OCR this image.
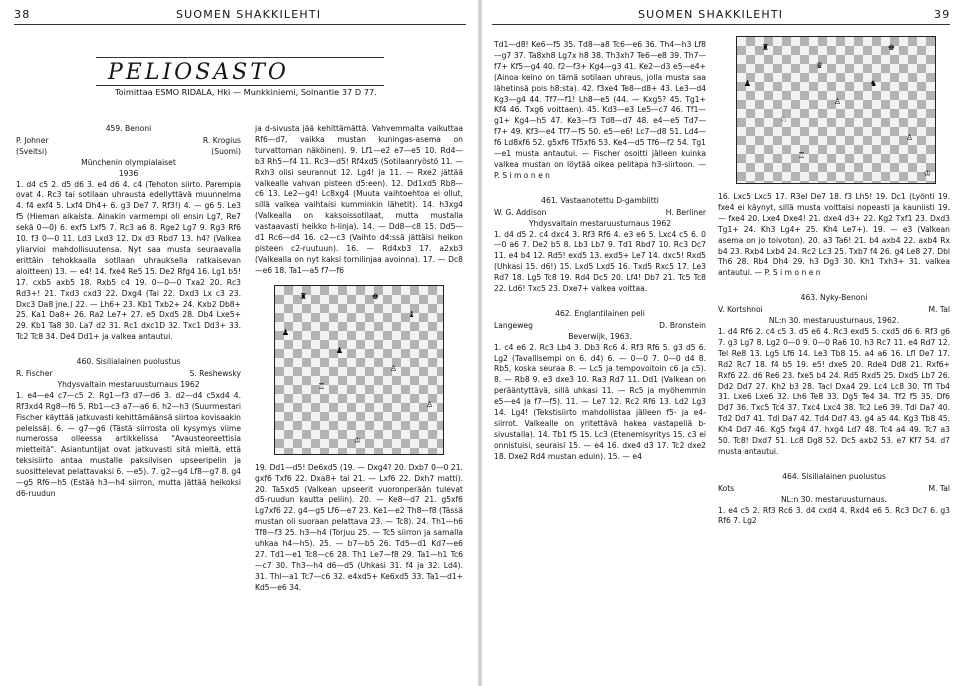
38	SUOMEN SHAKKILEHTI
PELIOSASTO
Toimittaa ESMO RIDALA, Hki — Munkkiniemi, Solnantie 37 D 77.

459. Benoni

P. Johner	R. Krogius
(Sveitsi)	(Suomi)

Münchenin olympialaiset

1936

1. d4 c5 2. d5 d6 3. e4 d6 4. c4 (Tehoton siirto. Parempia ovat 4. Rc3 tai sotilaan uhrausta edellyttävä muunnelma 4. f4 exf4 5. Lxf4 Dh4+ 6. g3 De7 7. Rf3!) 4. — g6 5. Le3 f5 (Hieman aikaista. Ainakin varmempi oli ensin Lg7, Re7 sekä 0—0) 6. exf5 Lxf5 7. Rc3 a6 8. Rge2 Lg7 9. Rg3 Rf6 10. f3 0—0 11. Ld3 Lxd3 12. Dx d3 Rbd7 13. h4? (Valkea yliarvioi mahdollisuutensa. Nyt saa musta seuraavalla erittäin tehokkaalla sotilaan uhrauksella ratkaisevan aloitteen) 13. — e4! 14. fxe4 Re5 15. De2 Rfg4 16. Lg1 b5! 17. cxb5 axb5 18. Rxb5 c4 19. 0—0—0 Txa2 20. Rc3 Rd3+! 21. Txd3 cxd3 22. Dxg4 (Tai 22. Dxd3 Lx c3 23. Dxc3 Da8 jne.) 22. — Lh6+ 23. Kb1 Txb2+ 24. Kxb2 Db8+ 25. Ka1 Da8+ 26. Ra2 Le7+ 27. e5 Dxd5 28. Db4 Lxe5+ 29. Kb1 Ta8 30. La7 d2 31. Rc1 dxc1D 32. Txc1 Dd3+ 33. Tc2 Tc8 34. De4 Dd1+ ja valkea antautui.

460. Sisilialainen puolustus

R. Fischer	S. Reshewsky

Yhdysvaltain mestaruusturnaus 1962

1. e4—e4 c7—c5 2. Rg1—f3 d7—d6 3. d2—d4 c5xd4 4. Rf3xd4 Rg8—f6 5. Rb1—c3 a7—a6 6. h2—h3 (Suurmestari Fischer käyttää jatkuvasti kehittämäänsä siirtoa kovisaakin peleissä). 6. — g7—g6 (Tästä siirrosta oli kysymys viime numerossa olleessa artikkelissa "Avausteoreettisia mietteitä". Asiantuntijat ovat jatkuvasti sitä mieltä, että teksisiirto antaa mustalle paksilvisen upseeripelin ja suosittelevat pelattavaksi 6. —e5). 7. g2—g4 Lf8—g7 8. g4—g5 Rf6—h5 (Estää h3—h4 siirron, mutta jättää heikoksi d6-ruudun

ja d-sivusta jää kehittämättä. Vahvemmalta vaikuttaa Rf6—d7, vaikka mustan kuningas-asema on turvattoman näköinen). 9. Lf1—e2 e7—e5 10. Rd4—b3 Rh5—f4 11. Rc3—d5! Rf4xd5 (Sotilaanryöstö 11. — Rxh3 olisi seurannut 12. Lg4! ja 11. — Rxe2 jättää valkealle vahvan pisteen d5:een). 12. Dd1xd5 Rb8—c6 13. Le2—g4! Lc8xg4 (Muuta vaihtoehtoa ei ollut, sillä valkea vaihtaisi kumminkin lähetit). 14. h3xg4 (Valkealla on kaksoissotilaat, mutta mustalla vastaavasti heikko h-linja). 14. — Dd8—c8 15. Dd5—d1 Rc6—d4 16. c2—c3 (Vaihto d4:ssä jättäisi heikon pisteen c2-ruutuun). 16. — Rd4xb3 17. a2xb3 (Valkealla on nyt kaksi tornilinjaa avoinna). 17. — Dc8—e6 18. Ta1—a5 f7—f6

♜	♚
♝
♟
♟
♙
♖
♙
♔

19. Dd1—d5! De6xd5 (19. — Dxg4? 20. Dxb7 0—0 21. gxf6 Txf6 22. Dxa8+ tai 21. — Lxf6 22. Dxh7 matti). 20. Ta5xd5 (Valkean upseerit vuoronperään tulevat d5-ruudun kautta peliin). 20. — Ke8—d7 21. g5xf6 Lg7xf6 22. g4—g5 Lf6—e7 23. Ke1—e2 Th8—f8 (Tässä mustan oli suoraan pelattava 23. — Tc8). 24. Th1—h6 Tf8—f3 25. h3—h4 (Torjuu 25. — Tc5 siirron ja samalla uhkaa h4—h5). 25. — b7—b5 26. Td5—d1 Kd7—e6 27. Td1—e1 Tc8—c6 28. Th1 Le7—f8 29. Ta1—h1 Tc6—c7 30. Th3—h4 d6—d5 (Uhkasi 31. f4 ja 32. Ld4). 31. Thl—a1 Tc7—c6 32. e4xd5+ Ke6xd5 33. Ta1—d1+ Kd5—e6 34.

SUOMEN SHAKKILEHTI	39

Td1—d8! Ke6—f5 35. Td8—a8 Tc6—e6 36. Th4—h3 Lf8—g7 37. Ta8xh8 Lg7x h8 38. Th3xh7 Te6—e8 39. Th7—f7+ Kf5—g4 40. f2—f3+ Kg4—g3 41. Ke2—d3 e5—e4+ (Ainoa keino on tämä sotilaan uhraus, jolla musta saa lähetinsä pois h8:sta). 42. f3xe4 Te8—d8+ 43. Le3—d4 Kg3—g4 44. Tf7—f1! Lh8—e5 (44. — Kxg5? 45. Tg1+ Kf4 46. Txg6 voittaen). 45. Kd3—e3 Le5—c7 46. Tf1—g1+ Kg4—h5 47. Ke3—f3 Td8—d7 48. e4—e5 Td7—f7+ 49. Kf3—e4 Tf7—f5 50. e5—e6! Lc7—d8 51. Ld4—f6 Ld8xf6 52. g5xf6 Tf5xf6 53. Ke4—d5 Tf6—f2 54. Tg1—e1 musta antautui. — Fischer osoitti jälleen kuinka valkea mustan on löytää oikea pelitapa h3-siirtoon. — P. S i m o n e n

461. Vastaanotettu D-gambiitti

W. G. Addison	H. Berliner

Yhdysvaltain mestaruusturnaus 1962

1. d4 d5 2. c4 dxc4 3. Rf3 Rf6 4. e3 e6 5. Lxc4 c5 6. 0—0 a6 7. De2 b5 8. Lb3 Lb7 9. Td1 Rbd7 10. Rc3 Dc7 11. e4 b4 12. Rd5! exd5 13. exd5+ Le7 14. dxc5! Rxd5 (Uhkasi 15. d6!) 15. Lxd5 Lxd5 16. Txd5 Rxc5 17. Le3 Rd7 18. Lg5 Tc8 19. Rd4 Dc5 20. Lf4! Db7 21. Tc5 Tc8 22. Ld6! Txc5 23. Dxe7+ valkea voittaa.

462. Englantilainen peli

Langeweg	D. Bronstein

Beverwijk, 1963.

1. c4 e6 2. Rc3 Lb4 3. Db3 Rc6 4. Rf3 Rf6 5. g3 d5 6. Lg2 (Tavallisempi on 6. d4) 6. — 0—0 7. 0—0 d4 8. Rb5, koska seuraa 8. — Lc5 ja tempovoitoin c6 ja c5). 8. — Rb8 9. e3 dxe3 10. Ra3 Rd7 11. Dd1 (Valkean on perääntyttävä, sillä uhkasi 11. — Rc5 ja myöhemmin e5—e4 ja f7—f5). 11. — Le7 12. Rc2 Rf6 13. Ld2 Lg3 14. Lg4! (Tekstisiirto mahdollistaa jälleen f5- ja e4-siirrot. Valkealle on yritettävä hakea vastapeliä b-sivustalla). 14. Tb1 f5 15. Lc3 (Etenemisyritys 15. c3 ei onnistuisi, seuraisi 15. — e4 16. dxe4 d3 17. Tc2 dxe2 18. Dxe2 Rd4 mustan eduin). 15. — e4

♜	♚
♛
♟	♞
♙
♘
♙
♖
♔

16. Lxc5 Lxc5 17. R3el De7 18. f3 Lh5! 19. Dc1 (Lyönti 19. fxe4 ei käynyt, sillä musta voittaisi nopeasti ja kauniisti 19. — fxe4 20. Lxe4 Dxe4! 21. dxe4 d3+ 22. Kg2 Txf1 23. Dxd3 Tg1+ 24. Kh3 Lg4+ 25. Kh4 Le7+). 19. — e3 (Valkean asema on jo toivoton). 20. a3 Ta6! 21. b4 axb4 22. axb4 Rx b4 23. Rxb4 Lxb4 24. Rc2 Lc3 25. Txb7 f4 26. g4 Le8 27. Dbl Th6 28. Rb4 Dh4 29. h3 Dg3 30. Kh1 Txh3+ 31. valkea antautui. — P. S i m o n e n

463. Nyky-Benoni

V. Kortshnoi	M. Tal

NL:n 30. mestaruusturnaus, 1962.

1. d4 Rf6 2. c4 c5 3. d5 e6 4. Rc3 exd5 5. cxd5 d6 6. Rf3 g6 7. g3 Lg7 8. Lg2 0—0 9. 0—0 Ra6 10. h3 Rc7 11. e4 Rd7 12. Tel Re8 13. Lg5 Lf6 14. Le3 Tb8 15. a4 a6 16. Lfl De7 17. Rd2 Rc7 18. f4 b5 19. e5! dxe5 20. Rde4 Dd8 21. Rxf6+ Rxf6 22. d6 Re6 23. fxe5 b4 24. Rd5 Rxd5 25. Dxd5 Lb7 26. Dd2 Dd7 27. Kh2 b3 28. Tacl Dxa4 29. Lc4 Lc8 30. Tfl Tb4 31. Lxe6 Lxe6 32. Lh6 Te8 33. Dg5 Te4 34. Tf2 f5 35. Df6 Dd7 36. Txc5 Tc4 37. Txc4 Lxc4 38. Tc2 Le6 39. Tdl Da7 40. Td2 Dd7 41. Tdl Da7 42. Td4 Dd7 43. g4 a5 44. Kg3 Tb8 45. Kh4 Dd7 46. Kg5 fxg4 47. hxg4 Ld7 48. Tc4 a4 49. Tc7 a3 50. Tc8! Dxd7 51. Lc8 Dg8 52. Dc5 axb2 53. e7 Kf7 54. d7 musta antautui.

464. Sisilialainen puolustus

Kots	M. Tal

NL:n 30. mestaruusturnaus.

1. e4 c5 2. Rf3 Rc6 3. d4 cxd4 4. Rxd4 e6 5. Rc3 Dc7 6. g3 Rf6 7. Lg2
